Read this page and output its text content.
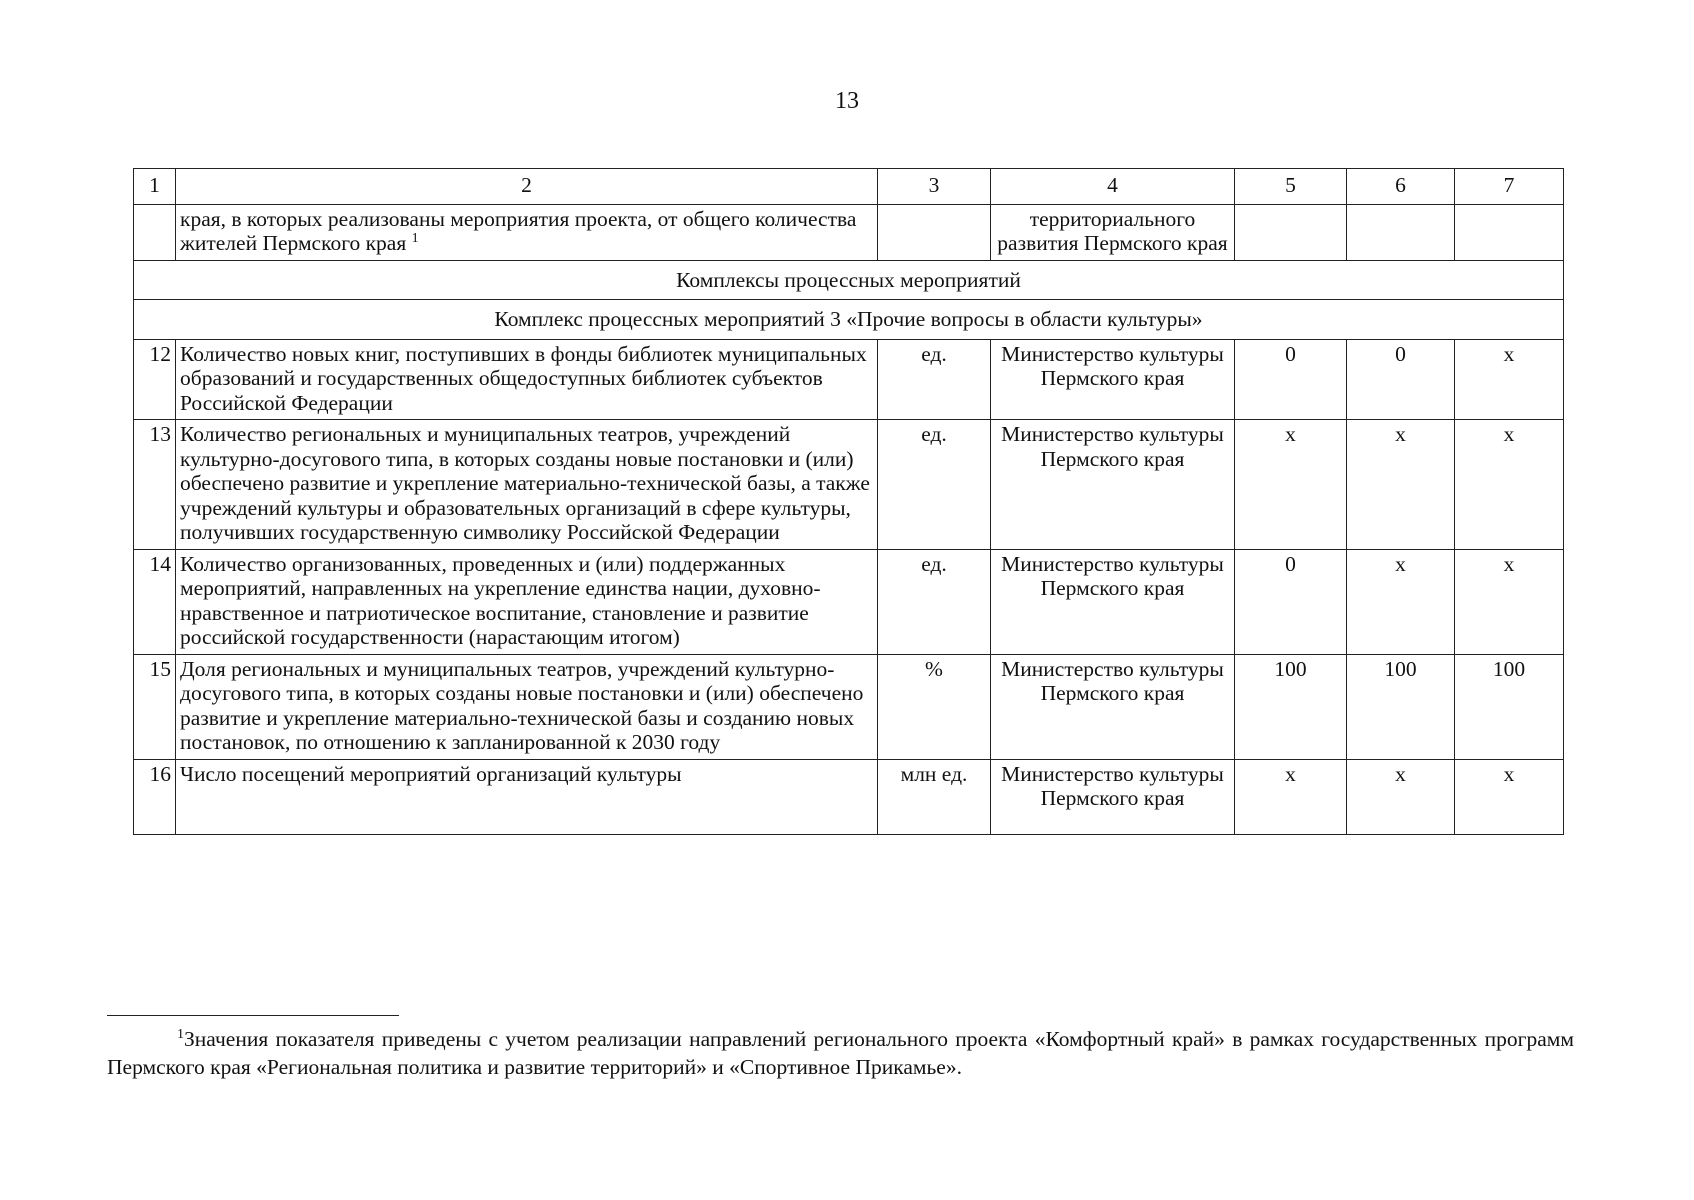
13
1	2	3	4	5	6	7
	края, в которых реализованы мероприятия проекта, от общего количества жителей Пермского края $^1$		территориального развития Пермского края			
Комплексы процессных мероприятий						
Комплекс процессных мероприятий 3 «Прочие вопросы в области культуры»						
12	Количество новых книг, поступивших в фонды библиотек муниципальных образований и государственных общедоступных библиотек субъектов Российской Федерации	ед.	Министерство культуры Пермского края	0	0	x
13	Количество региональных и муниципальных театров, учреждений культурно-досугового типа, в которых созданы новые постановки и (или) обеспечено развитие и укрепление материально-технической базы, а также учреждений культуры и образовательных организаций в сфере культуры, получивших государственную символику Российской Федерации	ед.	Министерство культуры Пермского края	x	x	x
14	Количество организованных, проведенных и (или) поддержанных мероприятий, направленных на укрепление единства нации, духовно-нравственное и патриотическое воспитание, становление и развитие российской государственности (нарастающим итогом)	ед.	Министерство культуры Пермского края	0	x	x
15	Доля региональных и муниципальных театров, учреждений культурно-досугового типа, в которых созданы новые постановки и (или) обеспечено развитие и укрепление материально-технической базы и созданию новых постановок, по отношению к запланированной к 2030 году	%	Министерство культуры Пермского края	100	100	100
16	Число посещений мероприятий организаций культуры	млн ед.	Министерство культуры Пермского края	x	x	x
$^1$Значения показателя приведены с учетом реализации направлений регионального проекта «Комфортный край» в рамках государственных программ Пермского края «Региональная политика и развитие территорий» и «Спортивное Прикамье».
